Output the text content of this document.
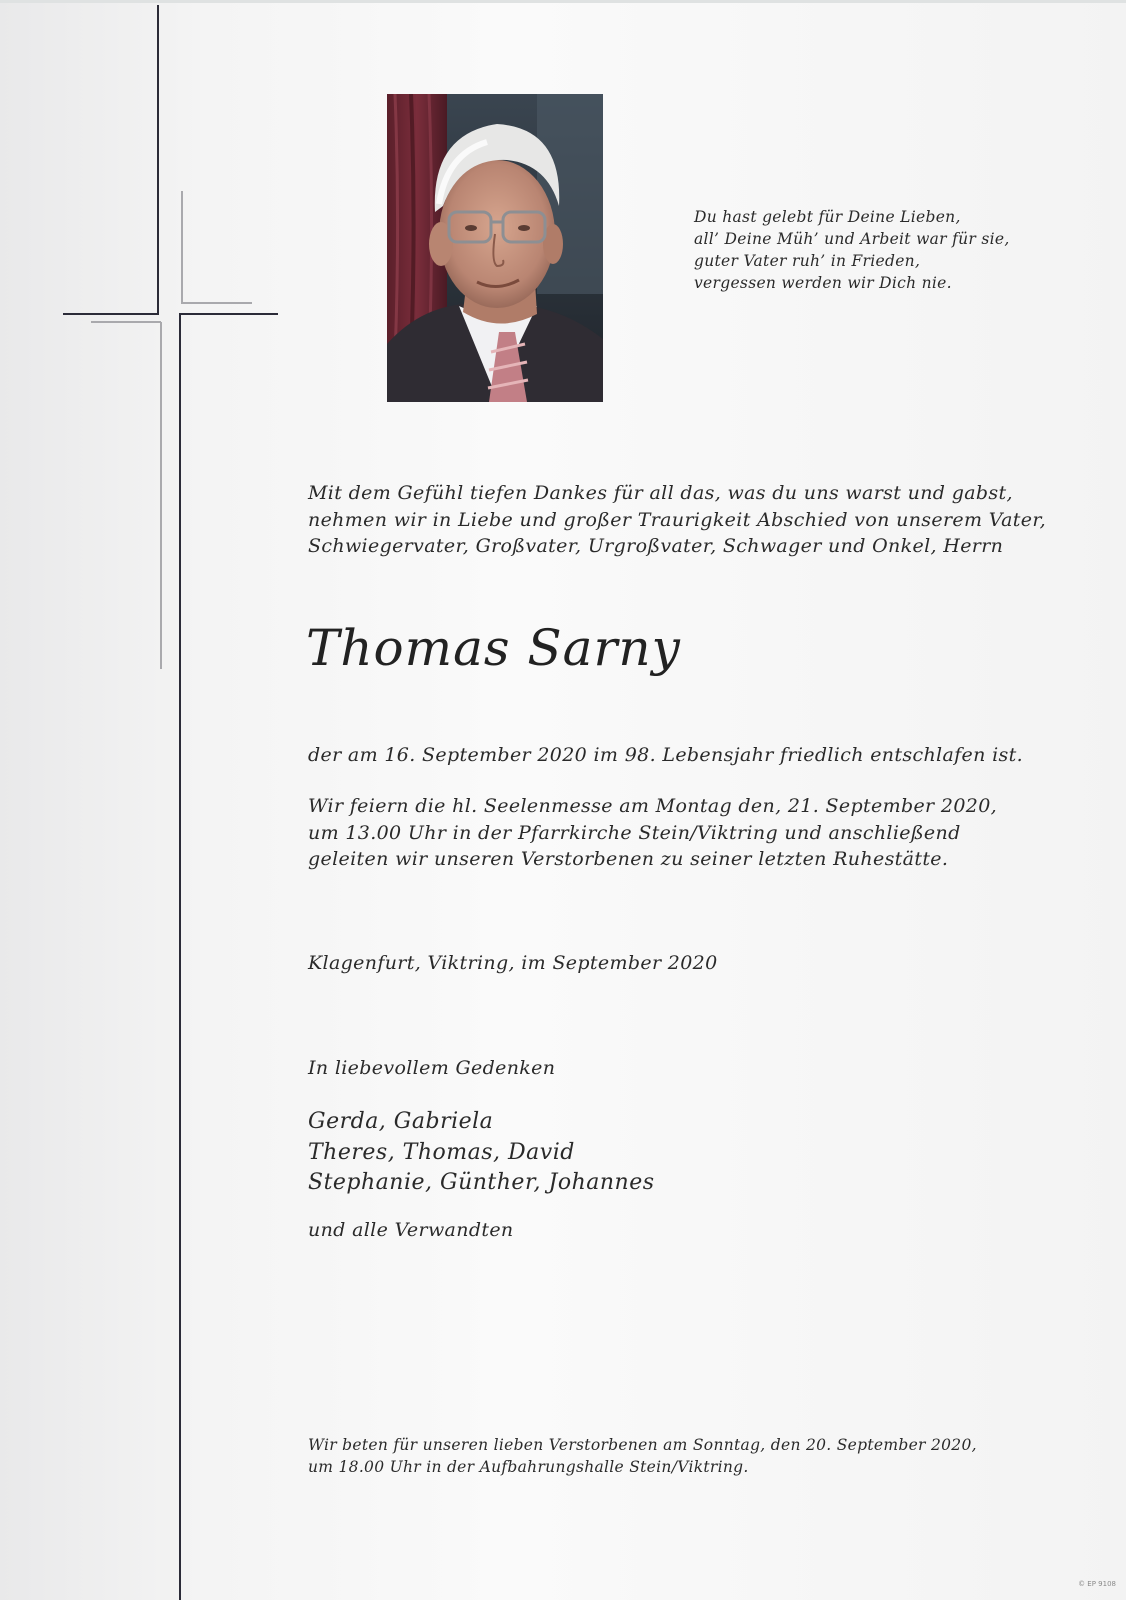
Du hast gelebt für Deine Lieben,
all’ Deine Müh’ und Arbeit war für sie,
guter Vater ruh’ in Frieden,
vergessen werden wir Dich nie.
Mit dem Gefühl tiefen Dankes für all das, was du uns warst und gabst,
nehmen wir in Liebe und großer Traurigkeit Abschied von unserem Vater,
Schwiegervater, Großvater, Urgroßvater, Schwager und Onkel, Herrn
Thomas Sarny
der am 16. September 2020 im 98. Lebensjahr friedlich entschlafen ist.
Wir feiern die hl. Seelenmesse am Montag den, 21. September 2020,
um 13.00 Uhr in der Pfarrkirche Stein/Viktring und anschließend
geleiten wir unseren Verstorbenen zu seiner letzten Ruhestätte.
Klagenfurt, Viktring, im September 2020
In liebevollem Gedenken
Gerda, Gabriela
Theres, Thomas, David
Stephanie, Günther, Johannes
und alle Verwandten
Wir beten für unseren lieben Verstorbenen am Sonntag, den 20. September 2020,
um 18.00 Uhr in der Aufbahrungshalle Stein/Viktring.
© EP 9108
